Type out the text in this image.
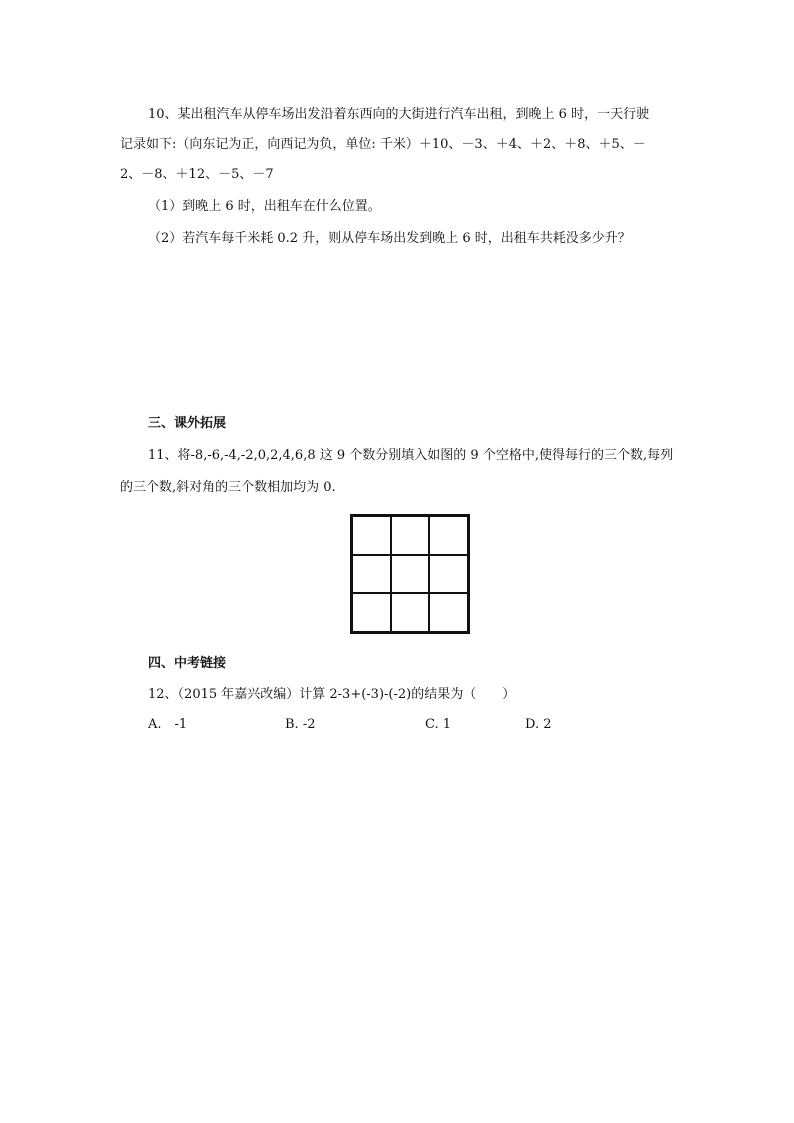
10、某出租汽车从停车场出发沿着东西向的大街进行汽车出租，到晚上 6 时，一天行驶
记录如下:（向东记为正，向西记为负，单位: 千米）＋10、－3、＋4、＋2、＋8、＋5、－
2、－8、＋12、－5、－7
（1）到晚上 6 时，出租车在什么位置。
（2）若汽车每千米耗 0.2 升，则从停车场出发到晚上 6 时，出租车共耗没多少升？
三、课外拓展
11、将-8,-6,-4,-2,0,2,4,6,8 这 9 个数分别填入如图的 9 个空格中,使得每行的三个数,每列
的三个数,斜对角的三个数相加均为 0.
四、中考链接
12、（2015 年嘉兴改编）计算 2-3+(-3)-(-2)的结果为（　　）
A.　-1	B. -2	C. 1	D. 2
